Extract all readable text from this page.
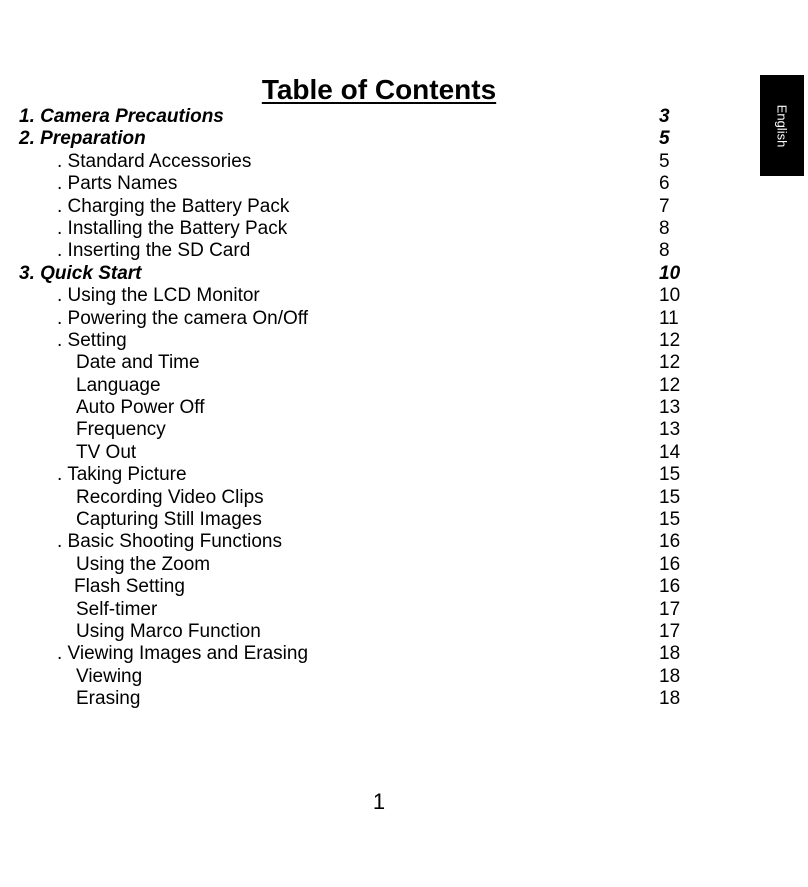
Table of Contents
English
1. Camera Precautions	3
2. Preparation	5
. Standard Accessories	5
. Parts Names	6
. Charging the Battery Pack	7
. Installing the Battery Pack	8
. Inserting the SD Card	8
3. Quick Start	10
. Using the LCD Monitor	10
. Powering the camera On/Off	11
. Setting	12
Date and Time	12
Language	12
Auto Power Off	13
Frequency	13
TV Out	14
. Taking Picture	15
Recording Video Clips	15
Capturing Still Images	15
. Basic Shooting Functions	16
Using the Zoom	16
Flash Setting	16
Self-timer	17
Using Marco Function	17
. Viewing Images and Erasing	18
Viewing	18
Erasing	18
1
